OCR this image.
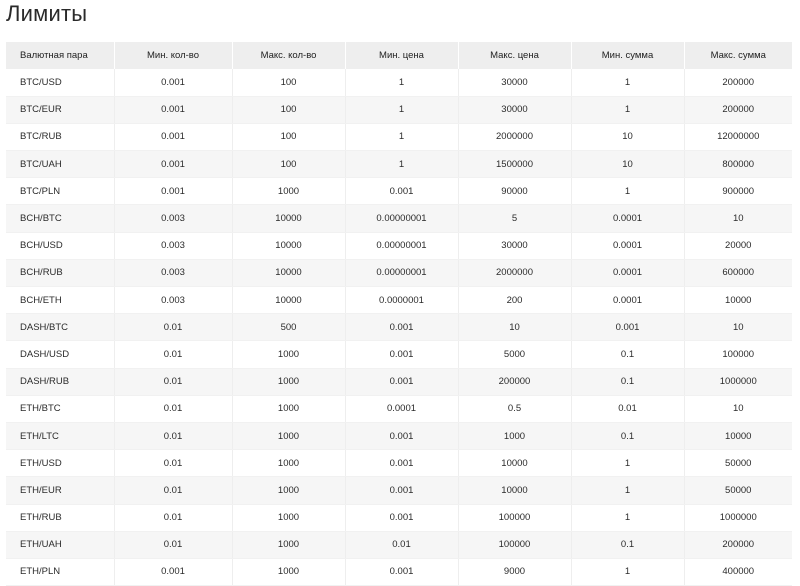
Лимиты
Валютная пара	Мин. кол-во	Макс. кол-во	Мин. цена	Макс. цена	Мин. сумма	Макс. сумма
BTC/USD	0.001	100	1	30000	1	200000
BTC/EUR	0.001	100	1	30000	1	200000
BTC/RUB	0.001	100	1	2000000	10	12000000
BTC/UAH	0.001	100	1	1500000	10	800000
BTC/PLN	0.001	1000	0.001	90000	1	900000
BCH/BTC	0.003	10000	0.00000001	5	0.0001	10
BCH/USD	0.003	10000	0.00000001	30000	0.0001	20000
BCH/RUB	0.003	10000	0.00000001	2000000	0.0001	600000
BCH/ETH	0.003	10000	0.0000001	200	0.0001	10000
DASH/BTC	0.01	500	0.001	10	0.001	10
DASH/USD	0.01	1000	0.001	5000	0.1	100000
DASH/RUB	0.01	1000	0.001	200000	0.1	1000000
ETH/BTC	0.01	1000	0.0001	0.5	0.01	10
ETH/LTC	0.01	1000	0.001	1000	0.1	10000
ETH/USD	0.01	1000	0.001	10000	1	50000
ETH/EUR	0.01	1000	0.001	10000	1	50000
ETH/RUB	0.01	1000	0.001	100000	1	1000000
ETH/UAH	0.01	1000	0.01	100000	0.1	200000
ETH/PLN	0.001	1000	0.001	9000	1	400000
